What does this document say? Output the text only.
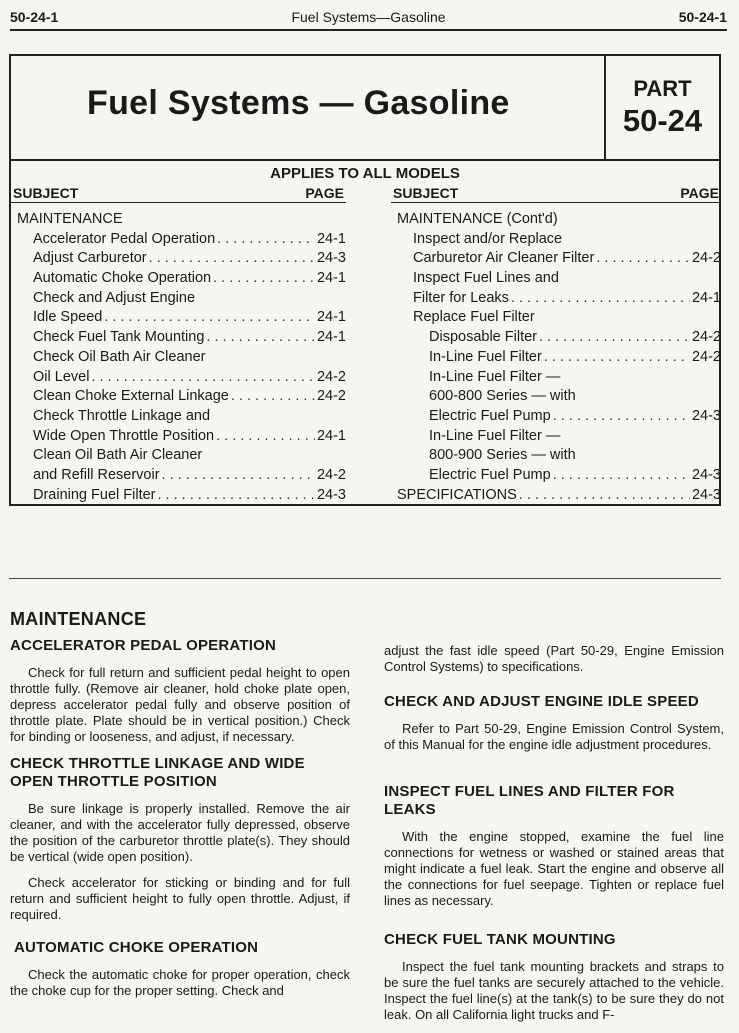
50-24-1	Fuel Systems—Gasoline	50-24-1
Fuel Systems — Gasoline	PART
50-24
APPLIES TO ALL MODELS
SUBJECT	PAGE
MAINTENANCE
Accelerator Pedal Operation . . .	24-1
Adjust Carburetor . . .	24-3
Automatic Choke Operation . . .	24-1
Check and Adjust Engine
Idle Speed . . .	24-1
Check Fuel Tank Mounting . . .	24-1
Check Oil Bath Air Cleaner
Oil Level . . .	24-2
Clean Choke External Linkage . . .	24-2
Check Throttle Linkage and
Wide Open Throttle Position . . .	24-1
Clean Oil Bath Air Cleaner
and Refill Reservoir . . .	24-2
Draining Fuel Filter . . .	24-3
SUBJECT	PAGE
MAINTENANCE (Cont'd)
Inspect and/or Replace
Carburetor Air Cleaner Filter . . .	24-2
Inspect Fuel Lines and
Filter for Leaks . . .	24-1
Replace Fuel Filter
Disposable Filter . . .	24-2
In-Line Fuel Filter . . .	24-2
In-Line Fuel Filter —
600-800 Series — with
Electric Fuel Pump . . .	24-3
In-Line Fuel Filter —
800-900 Series — with
Electric Fuel Pump . . .	24-3
SPECIFICATIONS . . .	24-3
MAINTENANCE
ACCELERATOR PEDAL OPERATION

Check for full return and sufficient pedal height to open throttle fully. (Remove air cleaner, hold choke plate open, depress accelerator pedal fully and observe position of throttle plate. Plate should be in vertical position.) Check for binding or looseness, and adjust, if necessary.

CHECK THROTTLE LINKAGE AND WIDE OPEN THROTTLE POSITION

Be sure linkage is properly installed. Remove the air cleaner, and with the accelerator fully depressed, observe the position of the carburetor throttle plate(s). They should be vertical (wide open position).

Check accelerator for sticking or binding and for full return and sufficient height to fully open throttle. Adjust, if required.

AUTOMATIC CHOKE OPERATION

Check the automatic choke for proper operation, check the choke cup for the proper setting. Check and

adjust the fast idle speed (Part 50-29, Engine Emission Control Systems) to specifications.

CHECK AND ADJUST ENGINE IDLE SPEED

Refer to Part 50-29, Engine Emission Control System, of this Manual for the engine idle adjustment procedures.

INSPECT FUEL LINES AND FILTER FOR LEAKS

With the engine stopped, examine the fuel line connections for wetness or washed or stained areas that might indicate a fuel leak. Start the engine and observe all the connections for fuel seepage. Tighten or replace fuel lines as necessary.

CHECK FUEL TANK MOUNTING

Inspect the fuel tank mounting brackets and straps to be sure the fuel tanks are securely attached to the vehicle. Inspect the fuel line(s) at the tank(s) to be sure they do not leak. On all California light trucks and F-
